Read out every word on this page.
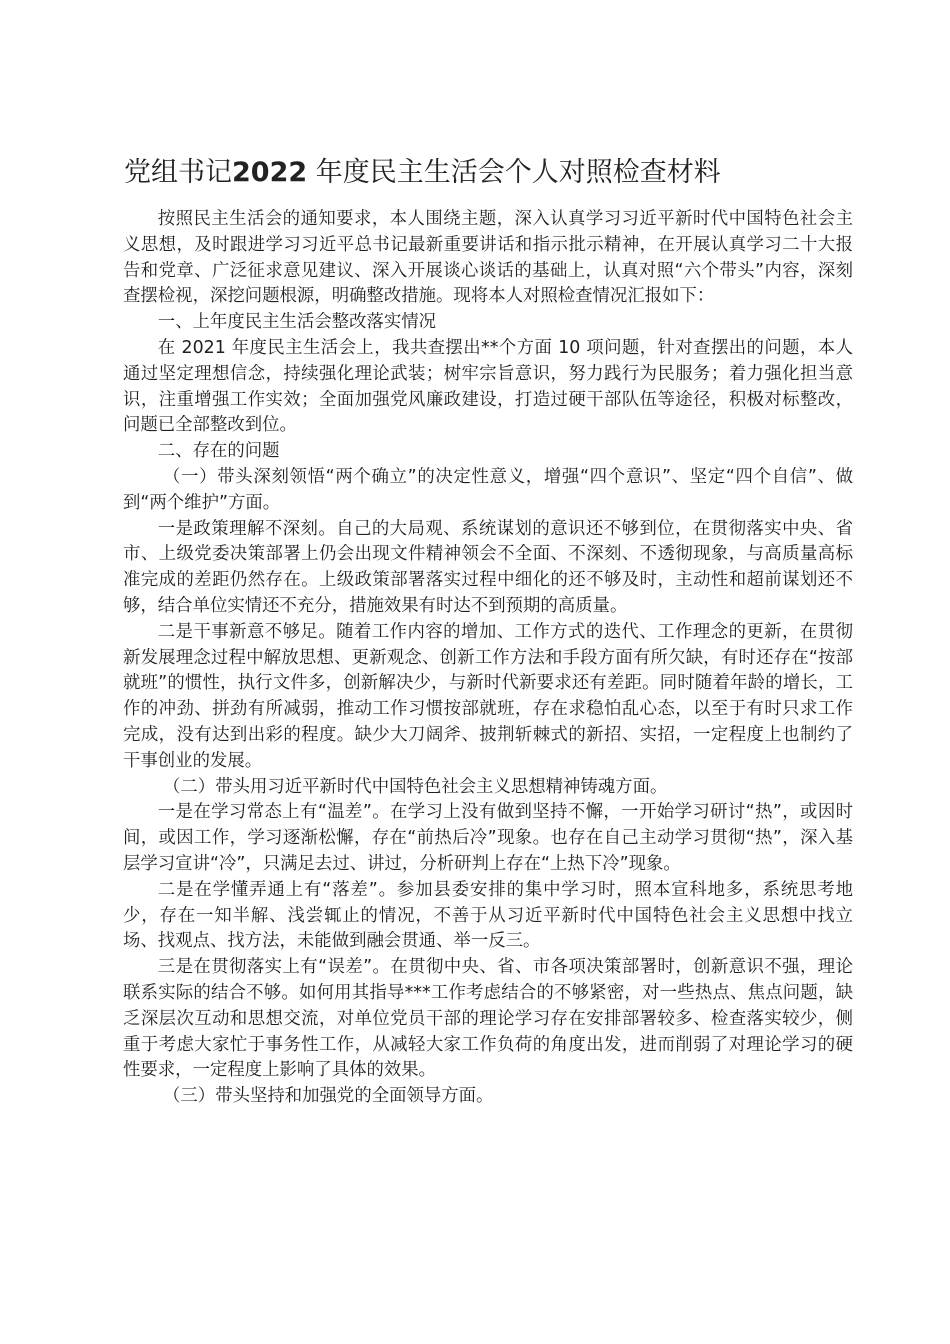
党组书记2022 年度民主生活会个人对照检查材料

按照民主生活会的通知要求，本人围绕主题，深入认真学习习近平新时代中国特色社会主义思想，及时跟进学习习近平总书记最新重要讲话和指示批示精神，在开展认真学习二十大报告和党章、广泛征求意见建议、深入开展谈心谈话的基础上，认真对照“六个带头”内容，深刻查摆检视，深挖问题根源，明确整改措施。现将本人对照检查情况汇报如下：

一、上年度民主生活会整改落实情况

在 2021 年度民主生活会上，我共查摆出**个方面 10 项问题，针对查摆出的问题，本人通过坚定理想信念，持续强化理论武装；树牢宗旨意识，努力践行为民服务；着力强化担当意识，注重增强工作实效；全面加强党风廉政建设，打造过硬干部队伍等途径，积极对标整改，问题已全部整改到位。

二、存在的问题

（一）带头深刻领悟“两个确立”的决定性意义，增强“四个意识”、坚定“四个自信”、做到“两个维护”方面。

一是政策理解不深刻。自己的大局观、系统谋划的意识还不够到位，在贯彻落实中央、省市、上级党委决策部署上仍会出现文件精神领会不全面、不深刻、不透彻现象，与高质量高标准完成的差距仍然存在。上级政策部署落实过程中细化的还不够及时，主动性和超前谋划还不够，结合单位实情还不充分，措施效果有时达不到预期的高质量。

二是干事新意不够足。随着工作内容的增加、工作方式的迭代、工作理念的更新，在贯彻新发展理念过程中解放思想、更新观念、创新工作方法和手段方面有所欠缺，有时还存在“按部就班”的惯性，执行文件多，创新解决少，与新时代新要求还有差距。同时随着年龄的增长，工作的冲劲、拼劲有所减弱，推动工作习惯按部就班，存在求稳怕乱心态，以至于有时只求工作完成，没有达到出彩的程度。缺少大刀阔斧、披荆斩棘式的新招、实招，一定程度上也制约了干事创业的发展。

（二）带头用习近平新时代中国特色社会主义思想精神铸魂方面。

一是在学习常态上有“温差”。在学习上没有做到坚持不懈，一开始学习研讨“热”，或因时间，或因工作，学习逐渐松懈，存在“前热后冷”现象。也存在自己主动学习贯彻“热”，深入基层学习宣讲“冷”，只满足去过、讲过，分析研判上存在“上热下冷”现象。

二是在学懂弄通上有“落差”。参加县委安排的集中学习时，照本宣科地多，系统思考地少，存在一知半解、浅尝辄止的情况，不善于从习近平新时代中国特色社会主义思想中找立场、找观点、找方法，未能做到融会贯通、举一反三。

三是在贯彻落实上有“误差”。在贯彻中央、省、市各项决策部署时，创新意识不强，理论联系实际的结合不够。如何用其指导***工作考虑结合的不够紧密，对一些热点、焦点问题，缺乏深层次互动和思想交流，对单位党员干部的理论学习存在安排部署较多、检查落实较少，侧重于考虑大家忙于事务性工作，从减轻大家工作负荷的角度出发，进而削弱了对理论学习的硬性要求，一定程度上影响了具体的效果。

（三）带头坚持和加强党的全面领导方面。
